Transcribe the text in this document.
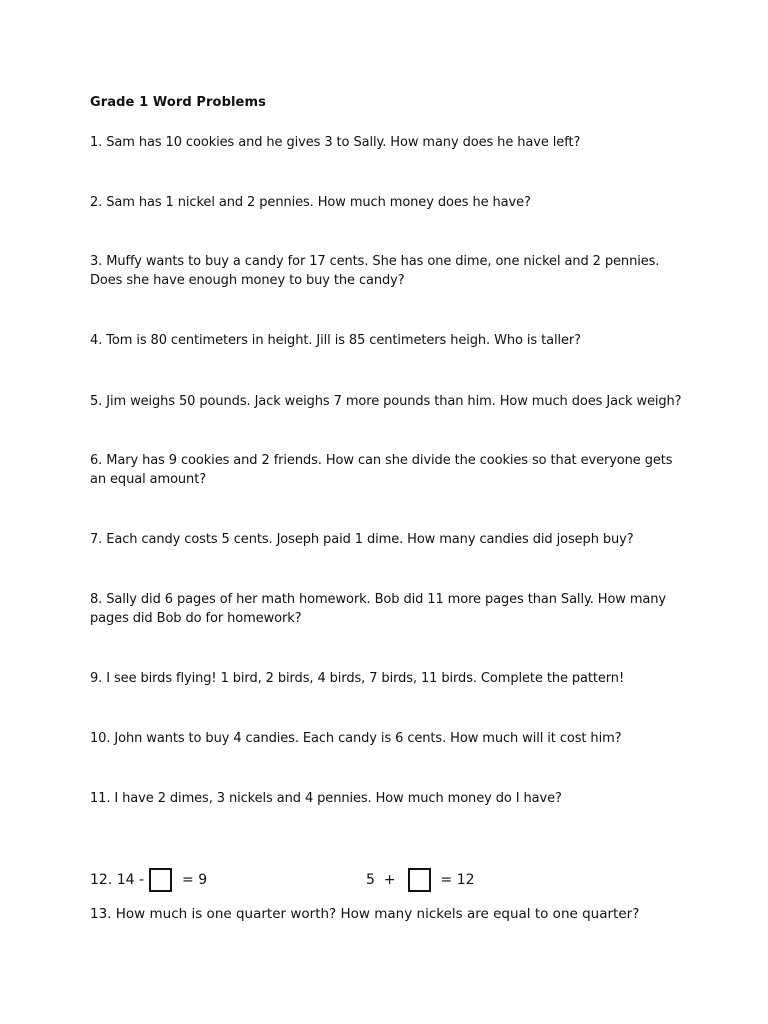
Grade 1 Word Problems

1. Sam has 10 cookies and he gives 3 to Sally. How many does he have left?

2. Sam has 1 nickel and 2 pennies. How much money does he have?

3. Muffy wants to buy a candy for 17 cents. She has one dime, one nickel and 2 pennies.

Does she have enough money to buy the candy?

4. Tom is 80 centimeters in height. Jill is 85 centimeters heigh. Who is taller?

5. Jim weighs 50 pounds. Jack weighs 7 more pounds than him. How much does Jack weigh?

6. Mary has 9 cookies and 2 friends. How can she divide the cookies so that everyone gets

an equal amount?

7. Each candy costs 5 cents. Joseph paid 1 dime. How many candies did joseph buy?

8. Sally did 6 pages of her math homework. Bob did 11 more pages than Sally. How many

pages did Bob do for homework?

9. I see birds flying! 1 bird, 2 birds, 4 birds, 7 birds, 11 birds. Complete the pattern!

10. John wants to buy 4 candies. Each candy is 6 cents. How much will it cost him?

11. I have 2 dimes, 3 nickels and 4 pennies. How much money do I have?

12. 14 -	= 9	5  +	= 12
13. How much is one quarter worth? How many nickels are equal to one quarter?
